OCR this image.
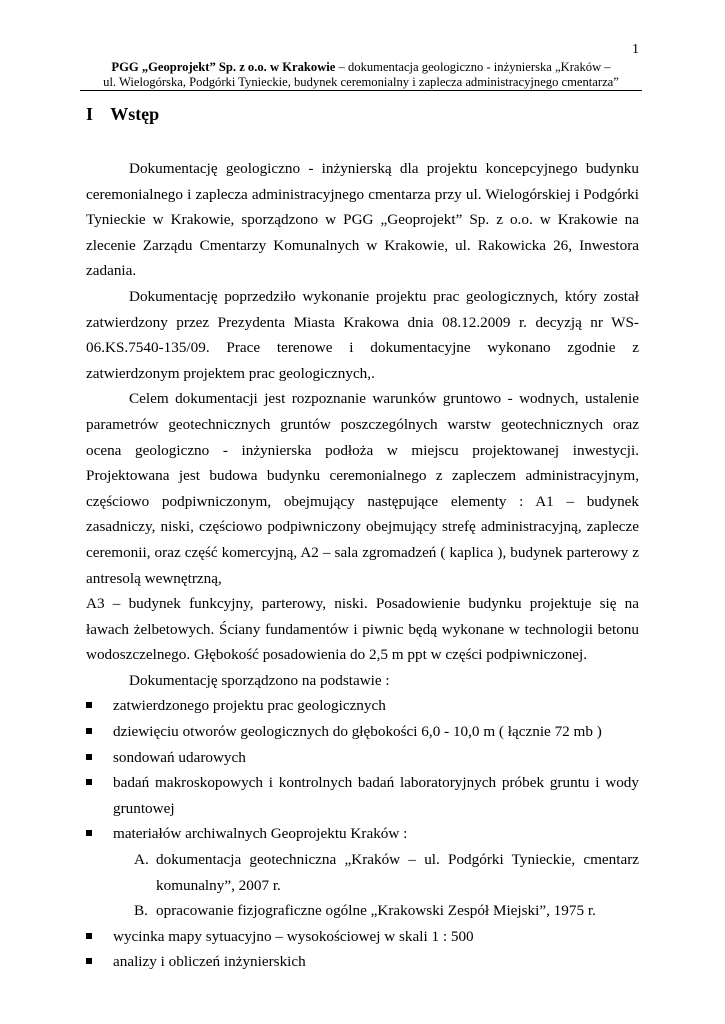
1
PGG „Geoprojekt” Sp. z o.o. w Krakowie – dokumentacja geologiczno - inżynierska „Kraków –
ul. Wielogórska, Podgórki Tynieckie, budynek ceremonialny i zaplecza administracyjnego cmentarza”
I Wstęp

Dokumentację geologiczno - inżynierską dla projektu koncepcyjnego budynku ceremonialnego i zaplecza administracyjnego cmentarza przy ul. Wielogórskiej i Podgórki Tynieckie w Krakowie, sporządzono w PGG „Geoprojekt” Sp. z o.o. w Krakowie na zlecenie Zarządu Cmentarzy Komunalnych w Krakowie, ul. Rakowicka 26, Inwestora zadania.

Dokumentację poprzedziło wykonanie projektu prac geologicznych, który został zatwierdzony przez Prezydenta Miasta Krakowa dnia 08.12.2009 r. decyzją nr WS-06.KS.7540-135/09. Prace terenowe i dokumentacyjne wykonano zgodnie z zatwierdzonym projektem prac geologicznych,.

Celem dokumentacji jest rozpoznanie warunków gruntowo - wodnych, ustalenie parametrów geotechnicznych gruntów poszczególnych warstw geotechnicznych oraz ocena geologiczno - inżynierska podłoża w miejscu projektowanej inwestycji. Projektowana jest budowa budynku ceremonialnego z zapleczem administracyjnym, częściowo podpiwniczonym, obejmujący następujące elementy : A1 – budynek zasadniczy, niski, częściowo podpiwniczony obejmujący strefę administracyjną, zaplecze ceremonii, oraz część komercyjną, A2 – sala zgromadzeń ( kaplica ), budynek parterowy z antresolą wewnętrzną,

A3 – budynek funkcyjny, parterowy, niski. Posadowienie budynku projektuje się na ławach żelbetowych. Ściany fundamentów i piwnic będą wykonane w technologii betonu wodoszczelnego. Głębokość posadowienia do 2,5 m ppt w części podpiwniczonej.

Dokumentację sporządzono na podstawie :

zatwierdzonego projektu prac geologicznych
dziewięciu otworów geologicznych do głębokości 6,0 - 10,0 m ( łącznie 72 mb )
sondowań udarowych
badań makroskopowych i kontrolnych badań laboratoryjnych próbek gruntu i wody gruntowej
materiałów archiwalnych Geoprojektu Kraków :
A. dokumentacja geotechniczna „Kraków – ul. Podgórki Tynieckie, cmentarz komunalny”, 2007 r.
B. opracowanie fizjograficzne ogólne „Krakowski Zespół Miejski”, 1975 r.
wycinka mapy sytuacyjno – wysokościowej w skali 1 : 500
analizy i obliczeń inżynierskich
